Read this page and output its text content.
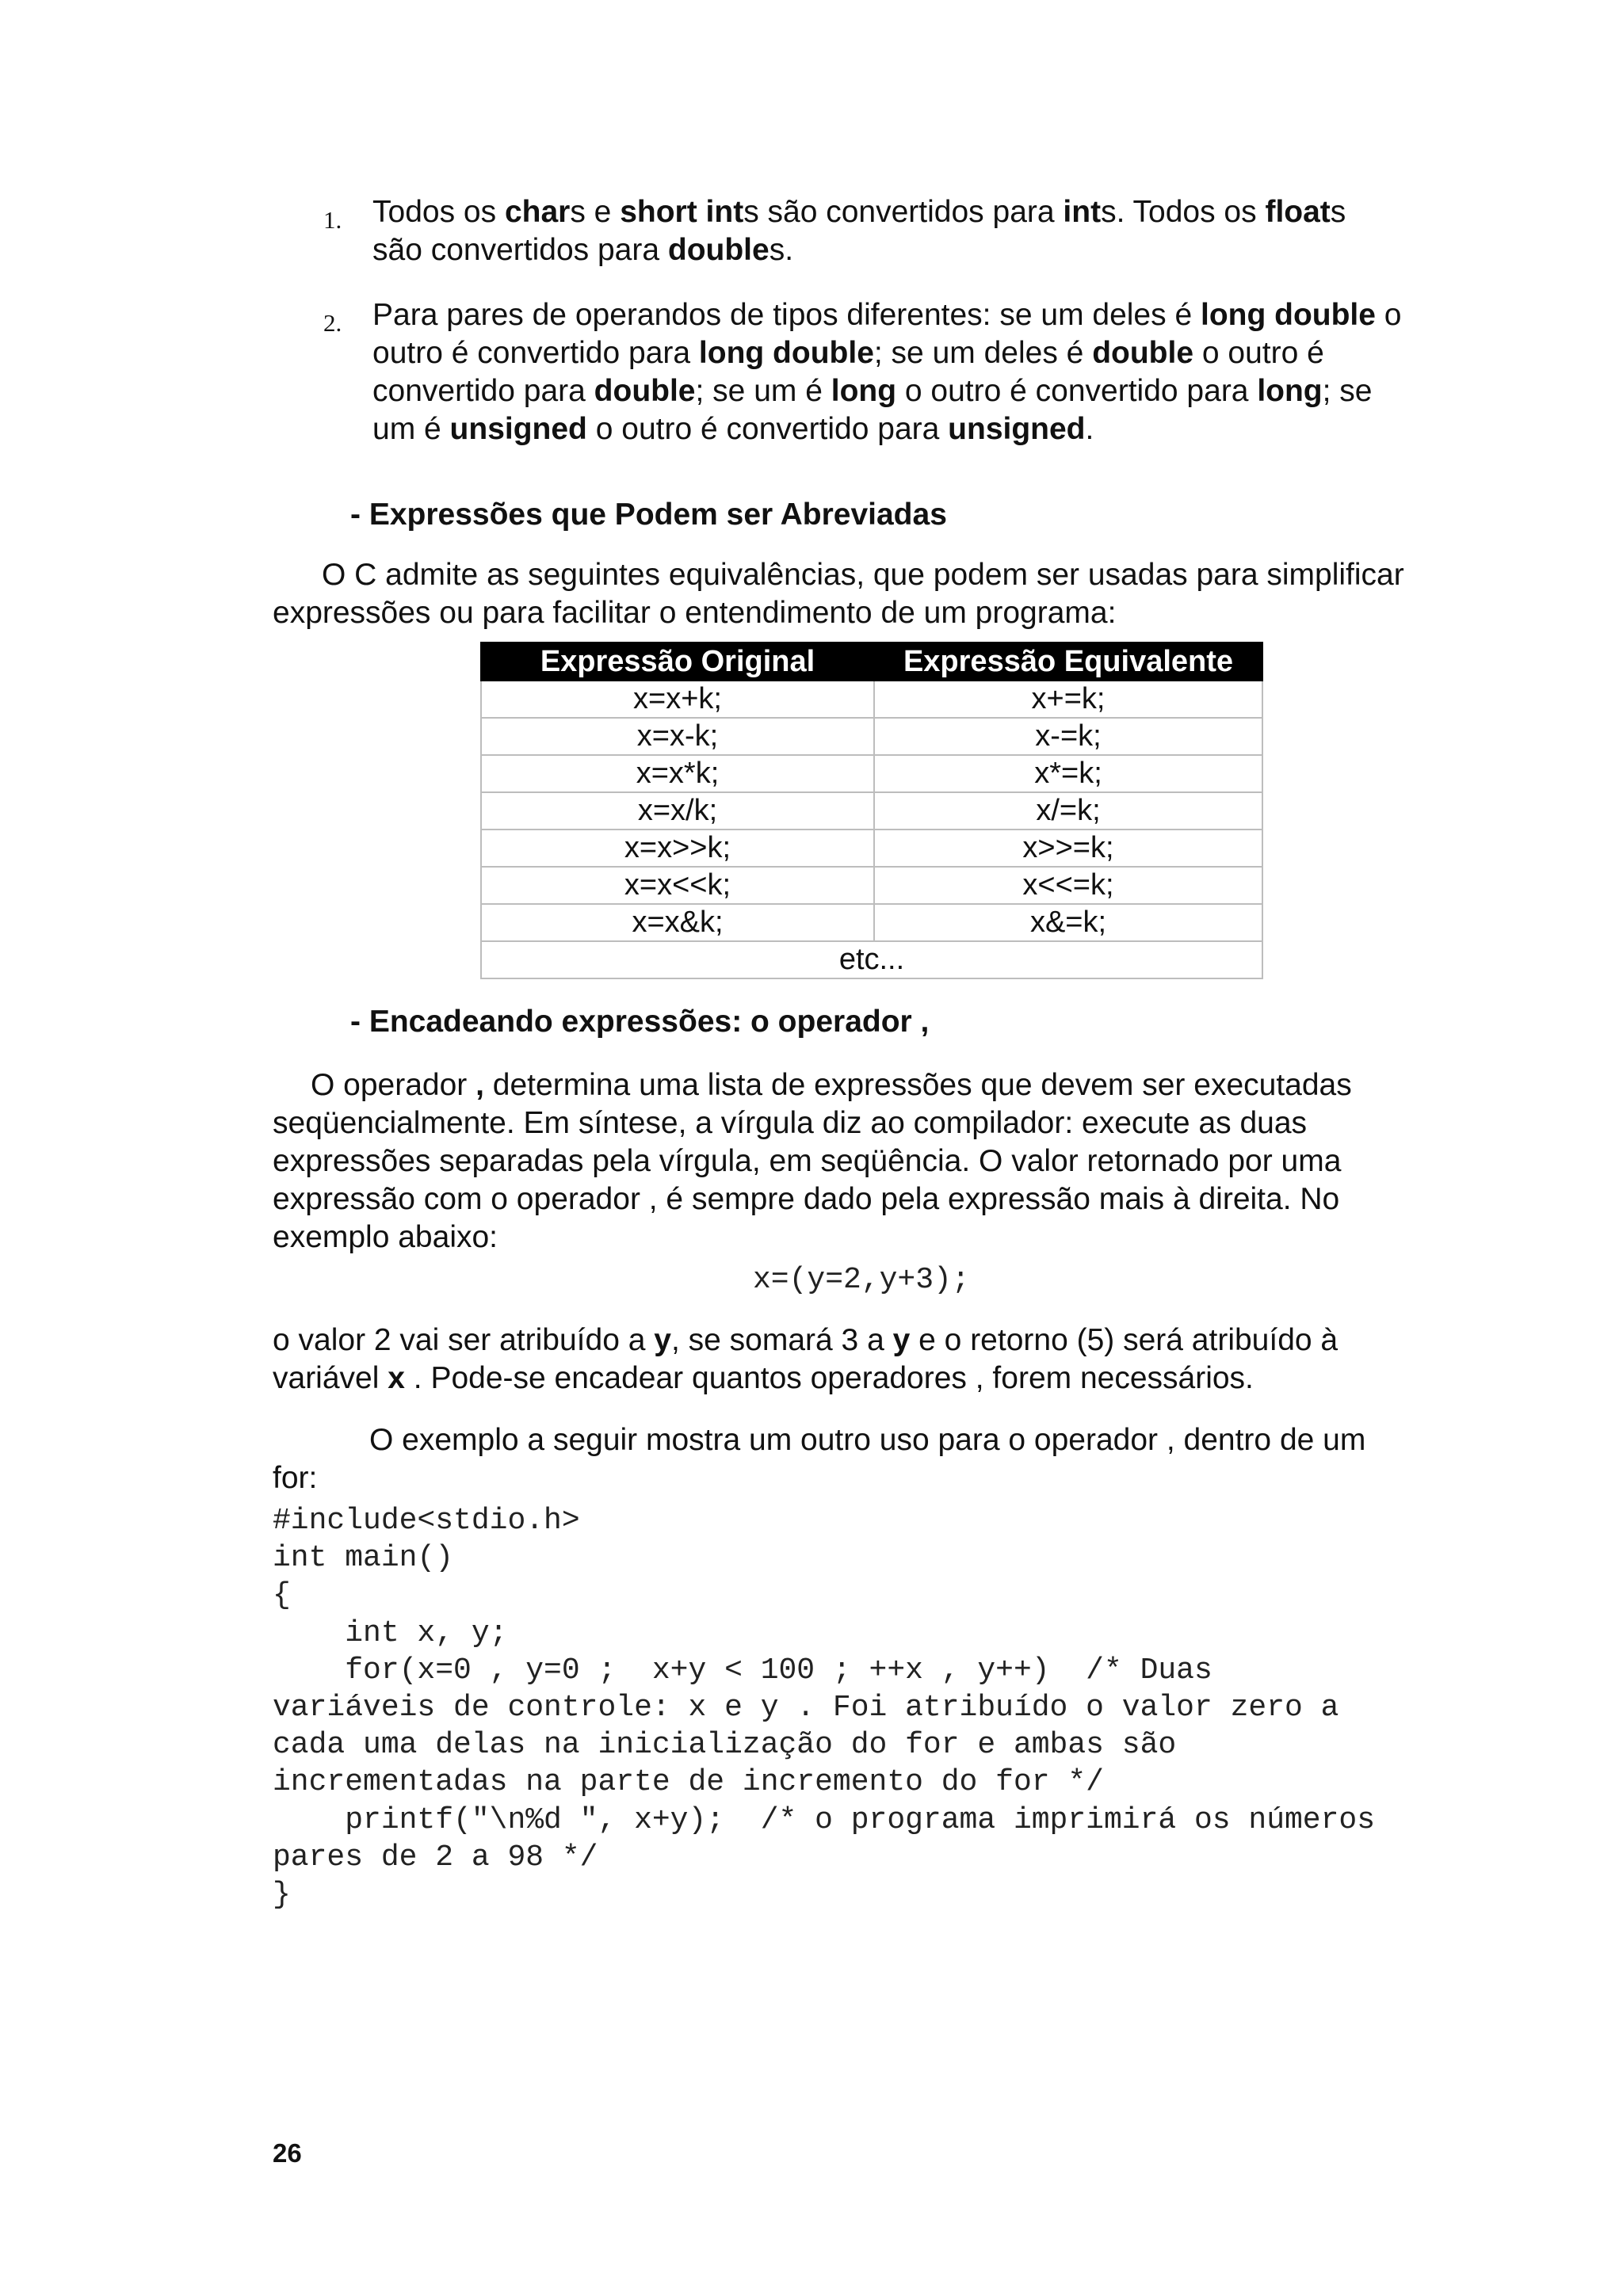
1. Todos os chars e short ints são convertidos para ints. Todos os floats
são convertidos para doubles.
2. Para pares de operandos de tipos diferentes: se um deles é long double o
outro é convertido para long double; se um deles é double o outro é
convertido para double; se um é long o outro é convertido para long; se
um é unsigned o outro é convertido para unsigned.
- Expressões que Podem ser Abreviadas
O C admite as seguintes equivalências, que podem ser usadas para simplificar
expressões ou para facilitar o entendimento de um programa:
Expressão Original	Expressão Equivalente
x=x+k;	x+=k;
x=x-k;	x-=k;
x=x*k;	x*=k;
x=x/k;	x/=k;
x=x>>k;	x>>=k;
x=x<<k;	x<<=k;
x=x&k;	x&=k;
etc...	
- Encadeando expressões: o operador ,
O operador , determina uma lista de expressões que devem ser executadas
seqüencialmente. Em síntese, a vírgula diz ao compilador: execute as duas
expressões separadas pela vírgula, em seqüência. O valor retornado por uma
expressão com o operador , é sempre dado pela expressão mais à direita. No
exemplo abaixo:
x=(y=2,y+3);
o valor 2 vai ser atribuído a y, se somará 3 a y e o retorno (5) será atribuído à
variável x . Pode-se encadear quantos operadores , forem necessários.
O exemplo a seguir mostra um outro uso para o operador , dentro de um
for:
#include<stdio.h>
int main()
{
int x, y;
for(x=0 , y=0 ;  x+y < 100 ; ++x , y++)  /* Duas
variáveis de controle: x e y . Foi atribuído o valor zero a
cada uma delas na inicialização do for e ambas são
incrementadas na parte de incremento do for */
printf("\n%d ", x+y);  /* o programa imprimirá os números
pares de 2 a 98 */
}
26
